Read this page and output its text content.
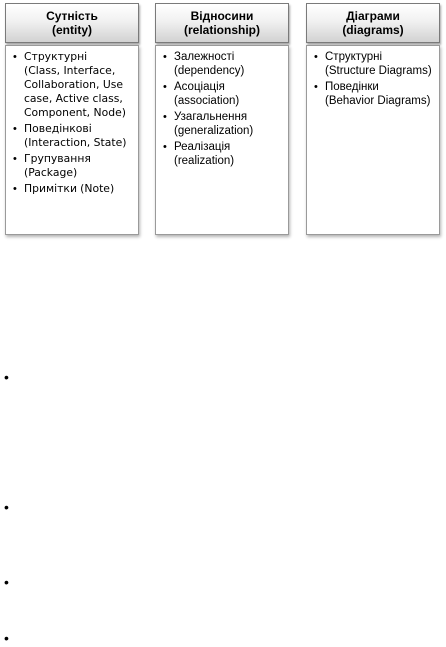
Сутність
(entity)
• Структурні
(Class, Interface, Collaboration, Use case, Active class, Component, Node)
• Поведінкові
(Interaction, State)
• Групування
(Package)
• Примітки (Note)
Відносини
(relationship)
• Залежності
(dependency)
• Асоціація
(association)
• Узагальнення
(generalization)
• Реалізація
(realization)
Діаграми
(diagrams)
• Структурні
(Structure Diagrams)
• Поведінки
(Behavior Diagrams)
•
•
•
•
